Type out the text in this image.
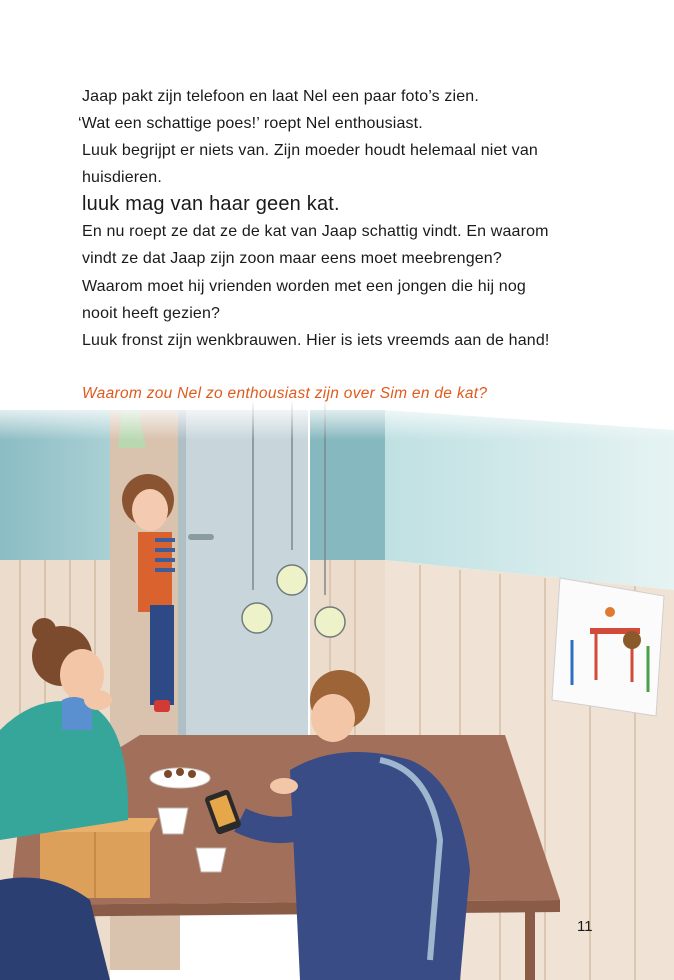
Jaap pakt zijn telefoon en laat Nel een paar foto’s zien.
‘Wat een schattige poes!’ roept Nel enthousiast.
Luuk begrijpt er niets van. Zijn moeder houdt helemaal niet van
huisdieren.
luuk mag van haar geen kat.
En nu roept ze dat ze de kat van Jaap schattig vindt. En waarom
vindt ze dat Jaap zijn zoon maar eens moet meebrengen?
Waarom moet hij vrienden worden met een jongen die hij nog
nooit heeft gezien?
Luuk fronst zijn wenkbrauwen. Hier is iets vreemds aan de hand!
Waarom zou Nel zo enthousiast zijn over Sim en de kat?
11
